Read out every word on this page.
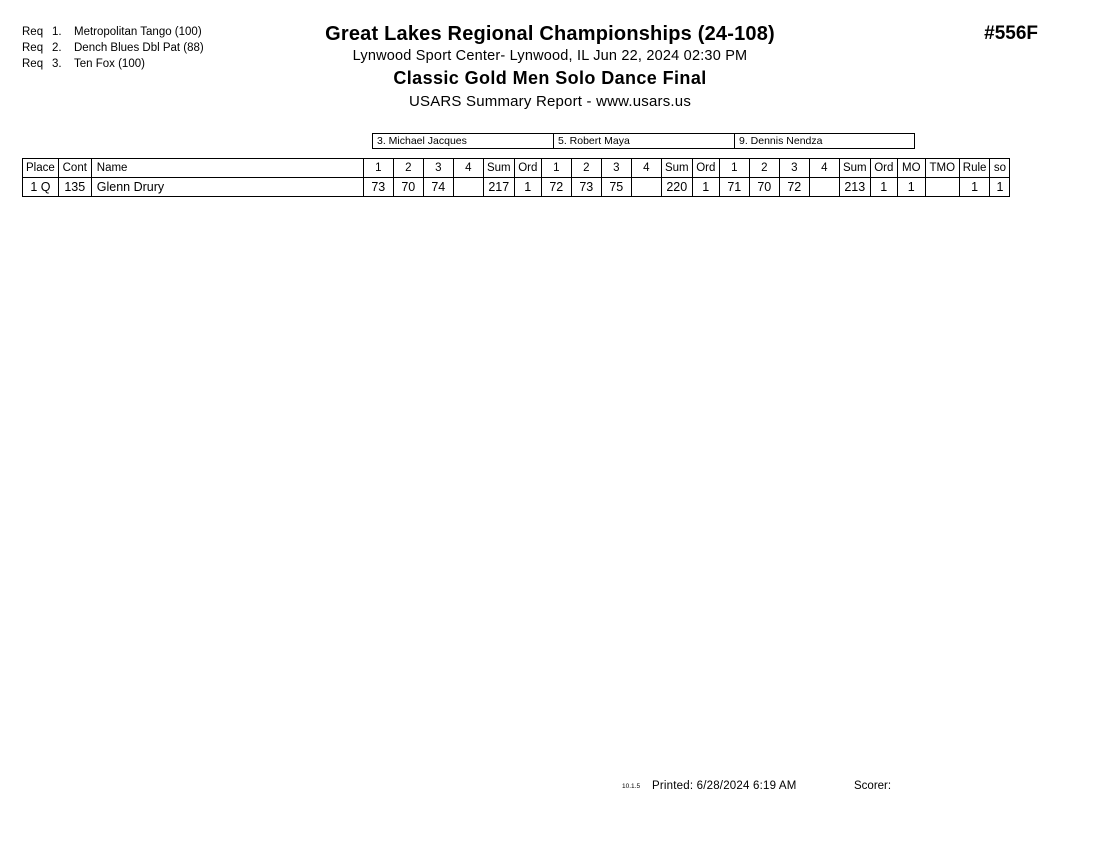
Req 1.	Metropolitan Tango (100)
Req 2.	Dench Blues Dbl Pat (88)
Req 3.	Ten Fox (100)
Great Lakes Regional Championships (24-108)
Lynwood Sport Center- Lynwood, IL Jun 22, 2024 02:30 PM
Classic Gold Men Solo Dance Final
USARS Summary Report - www.usars.us
#556F
3. Michael Jacques	5. Robert Maya	9. Dennis Nendza
Place	Cont	Name	1	2	3	4	Sum	Ord	1	2	3	4	Sum	Ord	1	2	3	4	Sum	Ord	MO	TMO	Rule	so
1 Q	135	Glenn Drury	73	70	74		217	1	72	73	75		220	1	71	70	72		213	1	1		1	1
10.1.5 Printed: 6/28/2024 6:19 AM	Scorer:
